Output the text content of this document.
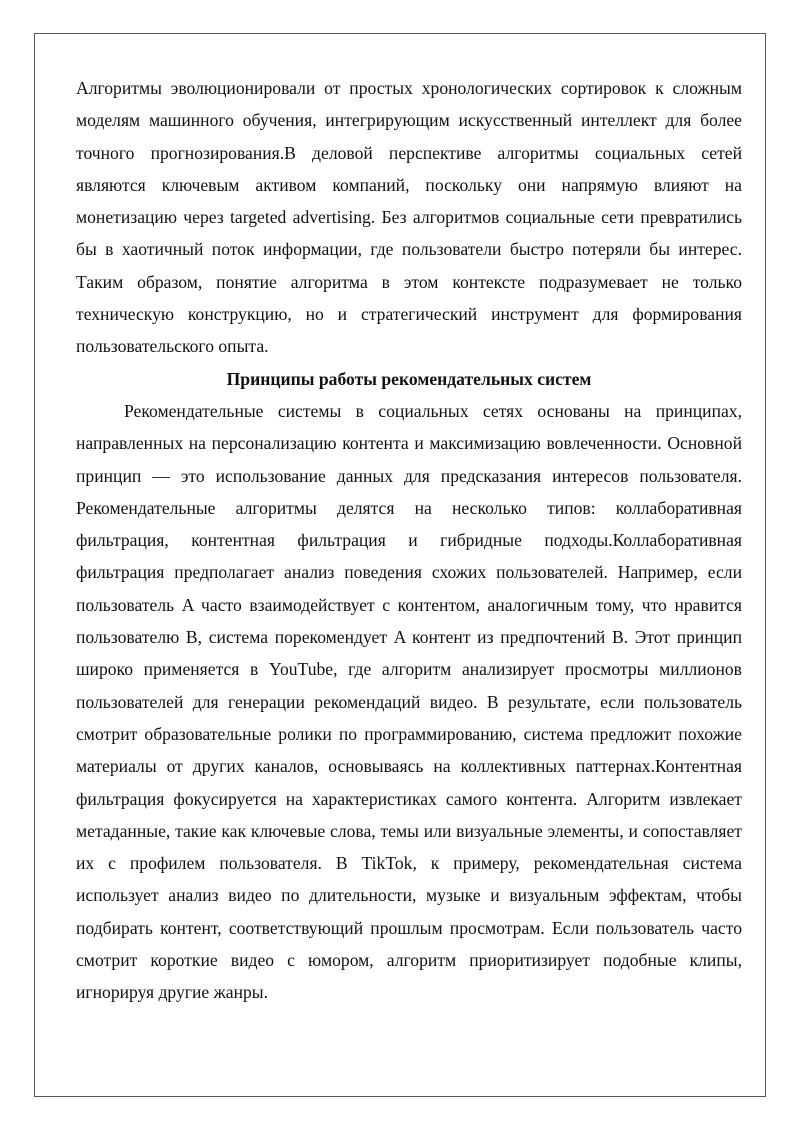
Алгоритмы эволюционировали от простых хронологических сортировок к сложным моделям машинного обучения, интегрирующим искусственный интеллект для более точного прогнозирования.В деловой перспективе алгоритмы социальных сетей являются ключевым активом компаний, поскольку они напрямую влияют на монетизацию через targeted advertising. Без алгоритмов социальные сети превратились бы в хаотичный поток информации, где пользователи быстро потеряли бы интерес. Таким образом, понятие алгоритма в этом контексте подразумевает не только техническую конструкцию, но и стратегический инструмент для формирования пользовательского опыта.

Принципы работы рекомендательных систем

Рекомендательные системы в социальных сетях основаны на принципах, направленных на персонализацию контента и максимизацию вовлеченности. Основной принцип — это использование данных для предсказания интересов пользователя. Рекомендательные алгоритмы делятся на несколько типов: коллаборативная фильтрация, контентная фильтрация и гибридные подходы.Коллаборативная фильтрация предполагает анализ поведения схожих пользователей. Например, если пользователь A часто взаимодействует с контентом, аналогичным тому, что нравится пользователю B, система порекомендует A контент из предпочтений B. Этот принцип широко применяется в YouTube, где алгоритм анализирует просмотры миллионов пользователей для генерации рекомендаций видео. В результате, если пользователь смотрит образовательные ролики по программированию, система предложит похожие материалы от других каналов, основываясь на коллективных паттернах.Контентная фильтрация фокусируется на характеристиках самого контента. Алгоритм извлекает метаданные, такие как ключевые слова, темы или визуальные элементы, и сопоставляет их с профилем пользователя. В TikTok, к примеру, рекомендательная система использует анализ видео по длительности, музыке и визуальным эффектам, чтобы подбирать контент, соответствующий прошлым просмотрам. Если пользователь часто смотрит короткие видео с юмором, алгоритм приоритизирует подобные клипы, игнорируя другие жанры.
